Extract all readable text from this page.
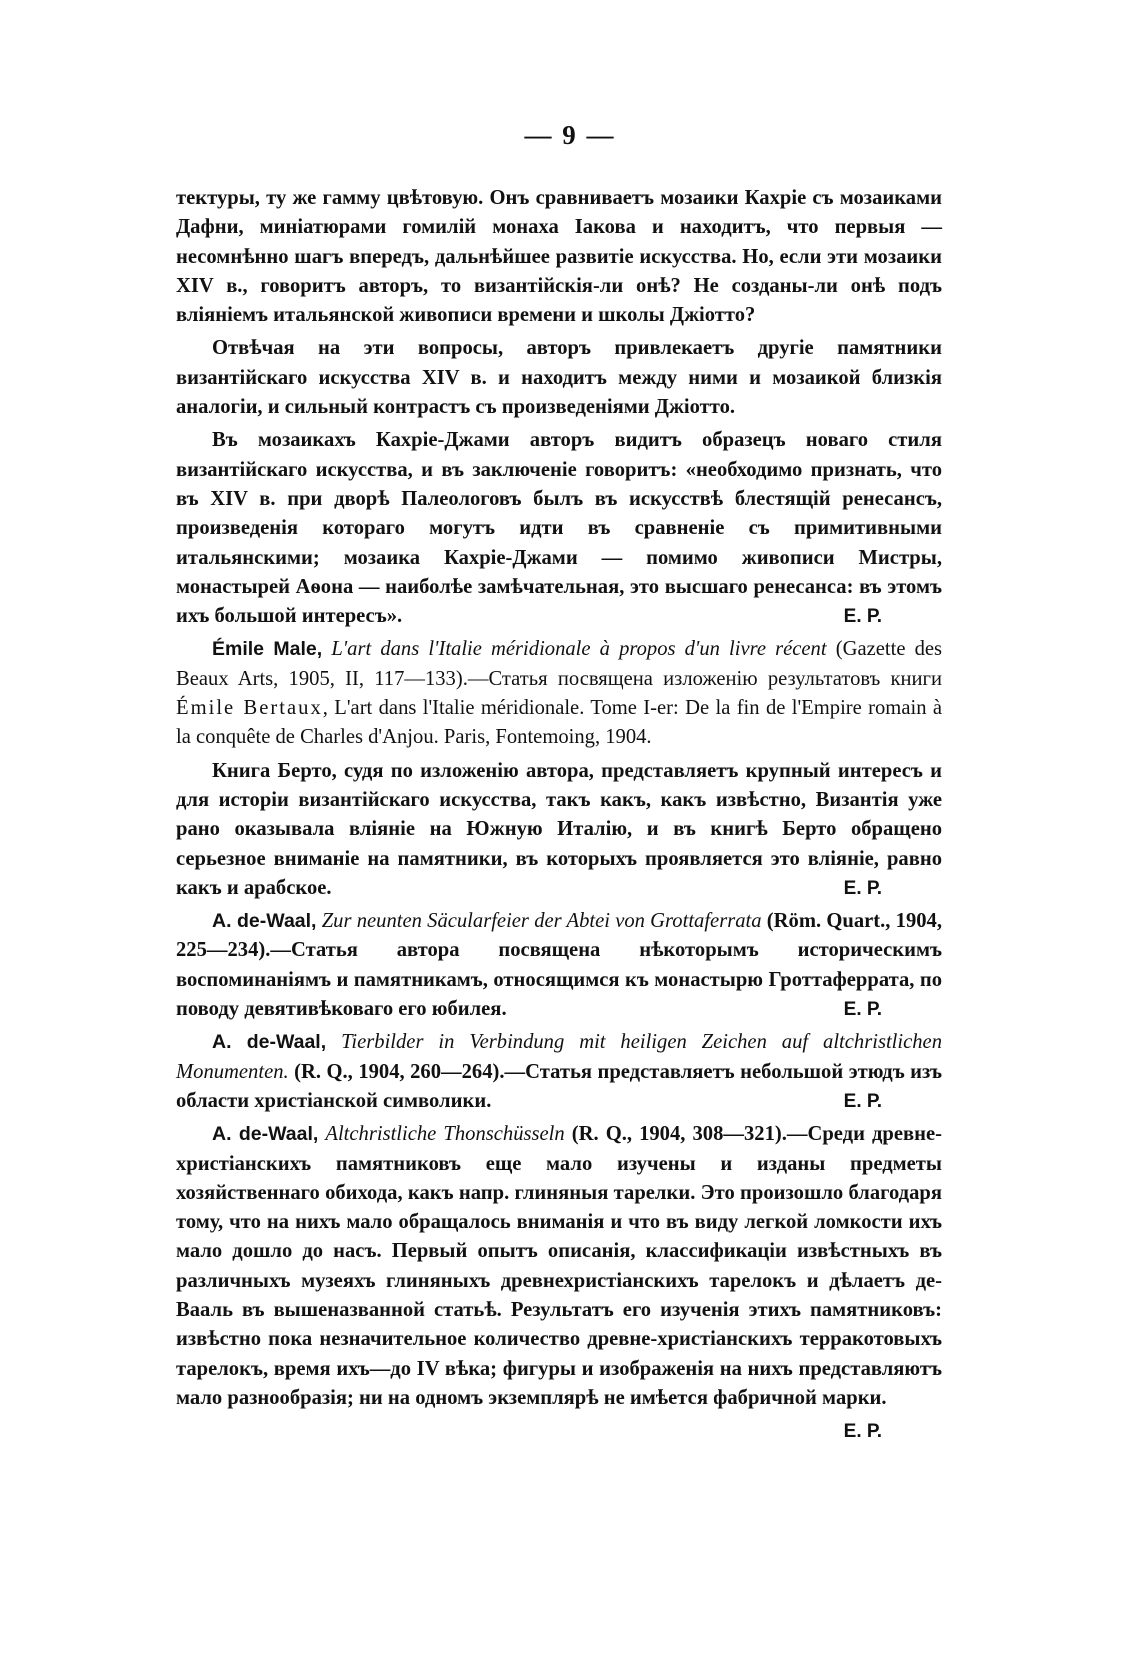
— 9 —

тектуры, ту же гамму цвѣтовую. Онъ сравниваетъ мозаики Кахріе съ мозаиками Дафни, миніатюрами гомилій монаха Іакова и находитъ, что первыя — несомнѣнно шагъ впередъ, дальнѣйшее развитіе искусства. Но, если эти мозаики XIV в., говоритъ авторъ, то византійскія-ли онѣ? Не созданы-ли онѣ подъ вліяніемъ итальянской живописи времени и школы Джіотто?

Отвѣчая на эти вопросы, авторъ привлекаетъ другіе памятники византійскаго искусства XIV в. и находитъ между ними и мозаикой близкія аналогіи, и сильный контрастъ съ произведеніями Джіотто.

Въ мозаикахъ Кахріе-Джами авторъ видитъ образецъ новаго стиля византійскаго искусства, и въ заключеніе говоритъ: «необходимо признать, что въ XIV в. при дворѣ Палеологовъ былъ въ искусствѣ блестящій ренесансъ, произведенія котораго могутъ идти въ сравненіе съ примитивными итальянскими; мозаика Кахріе-Джами — помимо живописи Мистры, монастырей Аѳона — наиболѣе замѣчательная, это высшаго ренесанса: въ этомъ ихъ большой интересъ».	Е. Р.

Émile Male, L'art dans l'Italie méridionale à propos d'un livre récent (Gazette des Beaux Arts, 1905, II, 117—133).—Статья посвящена изложенію результатовъ книги Émile Bertaux, L'art dans l'Italie méridionale. Tome I-er: De la fin de l'Empire romain à la conquête de Charles d'Anjou. Paris, Fontemoing, 1904.

Книга Берто, судя по изложенію автора, представляетъ крупный интересъ и для исторіи византійскаго искусства, такъ какъ, какъ извѣстно, Византія уже рано оказывала вліяніе на Южную Италію, и въ книгѣ Берто обращено серьезное вниманіе на памятники, въ которыхъ проявляется это вліяніе, равно какъ и арабское.	Е. Р.

A. de-Waal, Zur neunten Säcularfeier der Abtei von Grottaferrata (Röm. Quart., 1904, 225—234).—Статья автора посвящена нѣкоторымъ историческимъ воспоминаніямъ и памятникамъ, относящимся къ монастырю Гроттаферрата, по поводу девятивѣковаго его юбилея.	Е. Р.

A. de-Waal, Tierbilder in Verbindung mit heiligen Zeichen auf altchristlichen Monumenten. (R. Q., 1904, 260—264).—Статья представляетъ небольшой этюдъ изъ области христіанской символики.	Е. Р.

A. de-Waal, Altchristliche Thonschüsseln (R. Q., 1904, 308—321).—Среди древне-христіанскихъ памятниковъ еще мало изучены и изданы предметы хозяйственнаго обихода, какъ напр. глиняныя тарелки. Это произошло благодаря тому, что на нихъ мало обращалось вниманія и что въ виду легкой ломкости ихъ мало дошло до насъ. Первый опытъ описанія, классификаціи извѣстныхъ въ различныхъ музеяхъ глиняныхъ древнехристіанскихъ тарелокъ и дѣлаетъ де-Вааль въ вышеназванной статьѣ. Результатъ его изученія этихъ памятниковъ: извѣстно пока незначительное количество древне-христіанскихъ терракотовыхъ тарелокъ, время ихъ—до IV вѣка; фигуры и изображенія на нихъ представляютъ мало разнообразія; ни на одномъ экземплярѣ не имѣется фабричной марки.

Е. Р.
